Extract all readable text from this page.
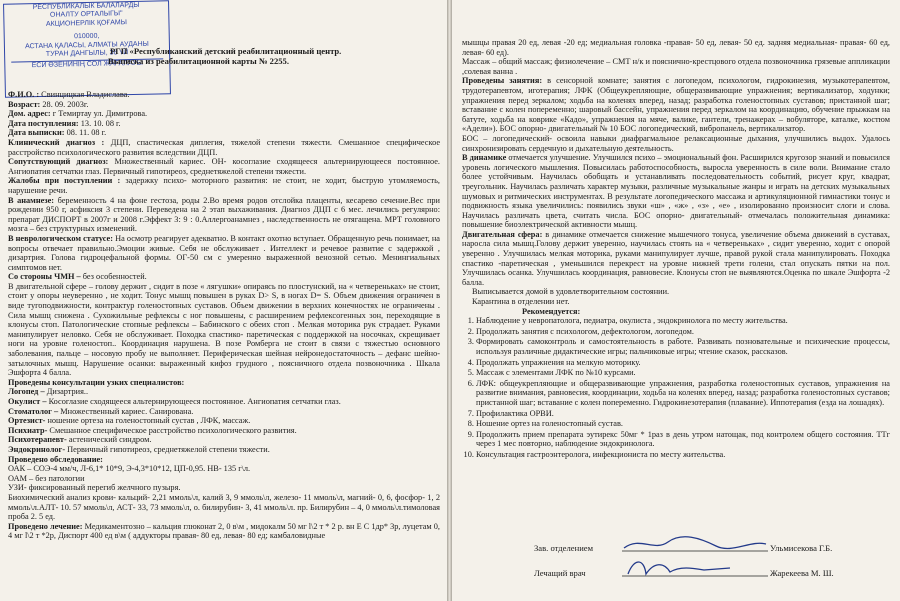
РЕСПУБЛИКАЛЫК БАЛАЛАРДЫ
ОНАЛТУ ОРТАЛЫГЫ"
АКЦИОНЕРЛІК ҚОҒАМЫ
010000,
АСТАНА ҚАЛАСЫ, АЛМАТЫ АУДАНЫ
ТУРАН ДАНГЫЛЫ, 36 ҮЙ
ЕСИ ӨЗЕНИНІҢ СОЛ ЖАҒАЛАУЫ
РГП «Республиканский детский реабилитационный центр.
Выписка из реабилитационной карты № 2255.

Ф.И.О. : Свинцицкая Владислава.

Возраст: 28. 09. 2003г.

Дом. адрес: г Темиртау ул. Димитрова.

Дата поступления: 13. 10. 08 г.

Дата выписки: 08. 11. 08 г.

Клинический диагноз : ДЦП, спастическая диплегия, тяжелой степени тяжести. Смешанное специфическое расстройство психологического развития вследствии ДЦП.

Сопутствующий диагноз: Множественный кариес. ОН- косоглазие сходящееся альтернирующееся постоянное. Ангиопатия сетчатки глаз. Первичный гипотиреоз, среднетяжелой степени тяжести.

Жалобы при поступлении : задержку психо- моторного развития: не стоит, не ходит, быструю утомляемость, нарушение речи.

В анамнезе: беременность 4 на фоне гестоза, роды 2.Во время родов отслойка плаценты, кесарево сечение.Вес при рождении 950 г, асфиксия 3 степени. Переведена на 2 этап выхаживания. Диагноз ДЦП с 6 мес. лечились регулярно: препарат ДИСПОРТ в 2007г и 2008 г.Эффект 3: 9 : 0.Аллергоанамнез , наследственность не отягащена. МРТ головного мозга – без структурных изменений.

В неврологическом статусе: На осмотр реагирует адекватно. В контакт охотно вступает. Обращенную речь понимает, на вопросы отвечает правильно.Эмоции живые. Себя не обслуживает . Интеллект и речевое развитие с задержкой , дизартрия. Голова гидроцефальной формы. ОГ-50 см с умеренно выраженной венозной сетью. Менингиальных симптомов нет.

Со стороны ЧМН – без особенностей.

В двигательной сфере – голову держит , сидит в позе « лягушки» опираясь по плостунский, на « четвереньках» не стоит, стоит у опоры неуверенно , не ходит. Тонус мышц повышен в руках D> S, в ногах D= S. Объем движения ограничен в виде тугоподвижности, контрактур голеностопных суставов. Объем движении в верхних конечностях не ограничены . Сила мышц снижена . Сухожильные рефлексы с ног повышены, с расширением рефлексогенных зон, переходящие в клонусы стоп. Патологические стопные рефлексы – Бабинского с обеих стоп . Мелкая моторика рук страдает. Руками манипулирует неловко. Себя не обслуживает. Походка спастико- паретическая с поддержкой на носочках, скрещивает ноги на уровне голеностоп.. Координация нарушена. В позе Ромберга не стоит в связи с тяжестью основного заболевания, пальце – носовую пробу не выполняет. Периферическая шейная нейронедостаточность – дефанс шейно- затылочных мышц. Нарушение осанки: выраженный кифоз грудного , поясничного отдела позвоночника . Шкала Эшфорта 4 балла.

Проведены консультации узких специалистов:

Логопед – Дизартрия..

Окулист – Косоглазие сходящееся альтернирующееся постоянное. Ангиопатия сетчатки глаз.

Стоматолог – Множественный кариес. Санирована.

Ортезист- ношение ортеза на голеностопный сустав , ЛФК, массаж.

Психиатр- Смешанное специфическое расстройство психологического развития.

Психотерапевт- астенический синдром.

Эндокринолог- Первичный гипотиреоз, среднетяжелой степени тяжести.

Проведено обследование:

ОАК – СОЭ-4 мм/ч, Л-6,1* 10*9, Э-4,3*10*12, ЦП-0,95. НВ- 135 г\л.

ОАМ – без патологии

УЗИ- фиксированный перегиб желчного пузыря.

Биохимический анализ крови- кальций- 2,21 ммоль\л, калий 3, 9 ммоль\л, железо- 11 ммоль\л, магний- 0, 6, фосфор- 1, 2 ммоль\л.АЛТ- 10. 57 ммоль\л, АСТ- 33, 73 ммоль\л, о. билирубин- 3, 41 ммоль\л. пр. Билирубин – 4, 0 ммоль\л.тимоловая проба 2. 5 ед.

Проведено лечение: Медикаментозно – кальция глюконат 2, 0 в\м , мидокалм 50 мг l\2 т * 2 р. вн Е С 1др* 3р, луцетам 0, 4 мг l\2 т *2р, Диспорт 400 ед в\м ( аддукторы правая- 80 ед, левая- 80 ед; камбаловидные

мышцы правая 20 ед, левая -20 ед; медиальная головка -правая- 50 ед, левая- 50 ед. задняя медиальная- правая- 60 ед, левая- 60 ед).

Массаж – общий массаж; физиолечение – СМТ н/к и пояснично-крестцового отдела позвоночника грязевые аппликации ,солевая ванна .

Проведены занятия: в сенсорной комнате; занятия с логопедом, психологом, гидрокинезия, музыкотерапевтом, трудотерапевтом, иготерапия; ЛФК (Общеукрепляющие, общеразвивающие упражнения; вертикализатор, ходунки; упражнения перед зеркалом; ходьба на коленях вперед, назад; разработка голеностопных суставов; пристанной шаг; вставание с колен попеременно; шаровый бассейн, упражнения перед зеркалом на координацию, обучение прыжкам на батуте, ходьба на коврике «Кадо», упражнения на мяче, валике, гантели, тренажерах – вобуляторе, каталке, костюм «Адели»). БОС опорно- двигательный № 10 БОС логопедический, вибропанель, вертикализатор.

БОС – логопедический- освоила навыки диафрагмальное релаксационные дыхания, улучшились выдох. Удалось синхронизировать сердечную и дыхательную деятельность.

В динамике отмечается улучшение. Улучшился психо – эмоциональный фон. Расширился кругозор знаний и повысился уровень логического мышления. Повысилась работоспособность, выросла уверенность в силе воли. Внимание стало более устойчивым. Научилась обобщать и устанавливать последовательность событий, рисует круг, квадрат, треугольник. Научилась различать характер музыки, различные музыкальные жанры и играть на детских музыкальных шумовых и ритмических инструментах. В результате логопедического массажа и артикуляционной гимнастики тонус и подвижность языка увеличились: появились звуки «ш» , «ж» , «з» , «е» , изолированно произносит слоги и слова. Научилась различать цвета, считать числа. БОС опорно- двигательный- отмечалась положительная динамика: повышение биоэлектрической активности мышц.

Двигательная сфера: в динамике отмечается снижение мышечного тонуса, увеличение объема движений в суставах, наросла сила мышц.Голову держит уверенно, научилась стоять на « четвереньках» , сидит уверенно, ходит с опорой уверенно . Улучшилась мелкая моторика, руками манипулирует лучше, правой рукой стала манипулировать. Походка спастико -паретическая , уменьшился перекрест на уровне нижней трети голени, стал опускать пятки на пол. Улучшилась осанка. Улучшилась координация, равновесие. Клонусы стоп не выявляются.Оценка по шкале Эшфорта -2 балла.

Выписывается домой в удовлетворительном состоянии.

Карантина в отделении нет.

Рекомендуется:

1. Наблюдение у невропатолога, педиатра, окулиста , эндокринолога по месту жительства.
2. Продолжать занятия с психологом, дефектологом, логопедом.
3. Формировать самоконтроль и самостоятельность в работе. Развивать позновательные и психические процессы, используя различные дидактические игры; пальчиковые игры; чтение сказок, рассказов.
4. Продолжать упражнения на мелкую моторику.
5. Массаж с элементами ЛФК по №10 курсами.
6. ЛФК: общеукрепляющие и общеразвивающие упражнения, разработка голеностопных суставов, упражнения на развитие внимания, равновесия, координации, ходьба на коленях вперед, назад; разработка голеностопных суставов; пристанной шаг; вставание с колен попеременно. Гидрокинезотерапия (плавание). Иппотерапия (езда на лошадях).
7. Профилактика ОРВИ.
8. Ношение ортез на голеностопный сустав.
9. Продолжить прием препарата эутирекс 50мг * 1раз в день утром натощак, под контролем общего состояния. ТТг через 1 мес повторно, наблюдение эндокринолога.
10. Консультация гастроэнтеролога, инфекциониста по месту жительства.
Зав. отделением	Ульмисекова Г.Б.
Лечащий врач	Жарекеева М. Ш.
